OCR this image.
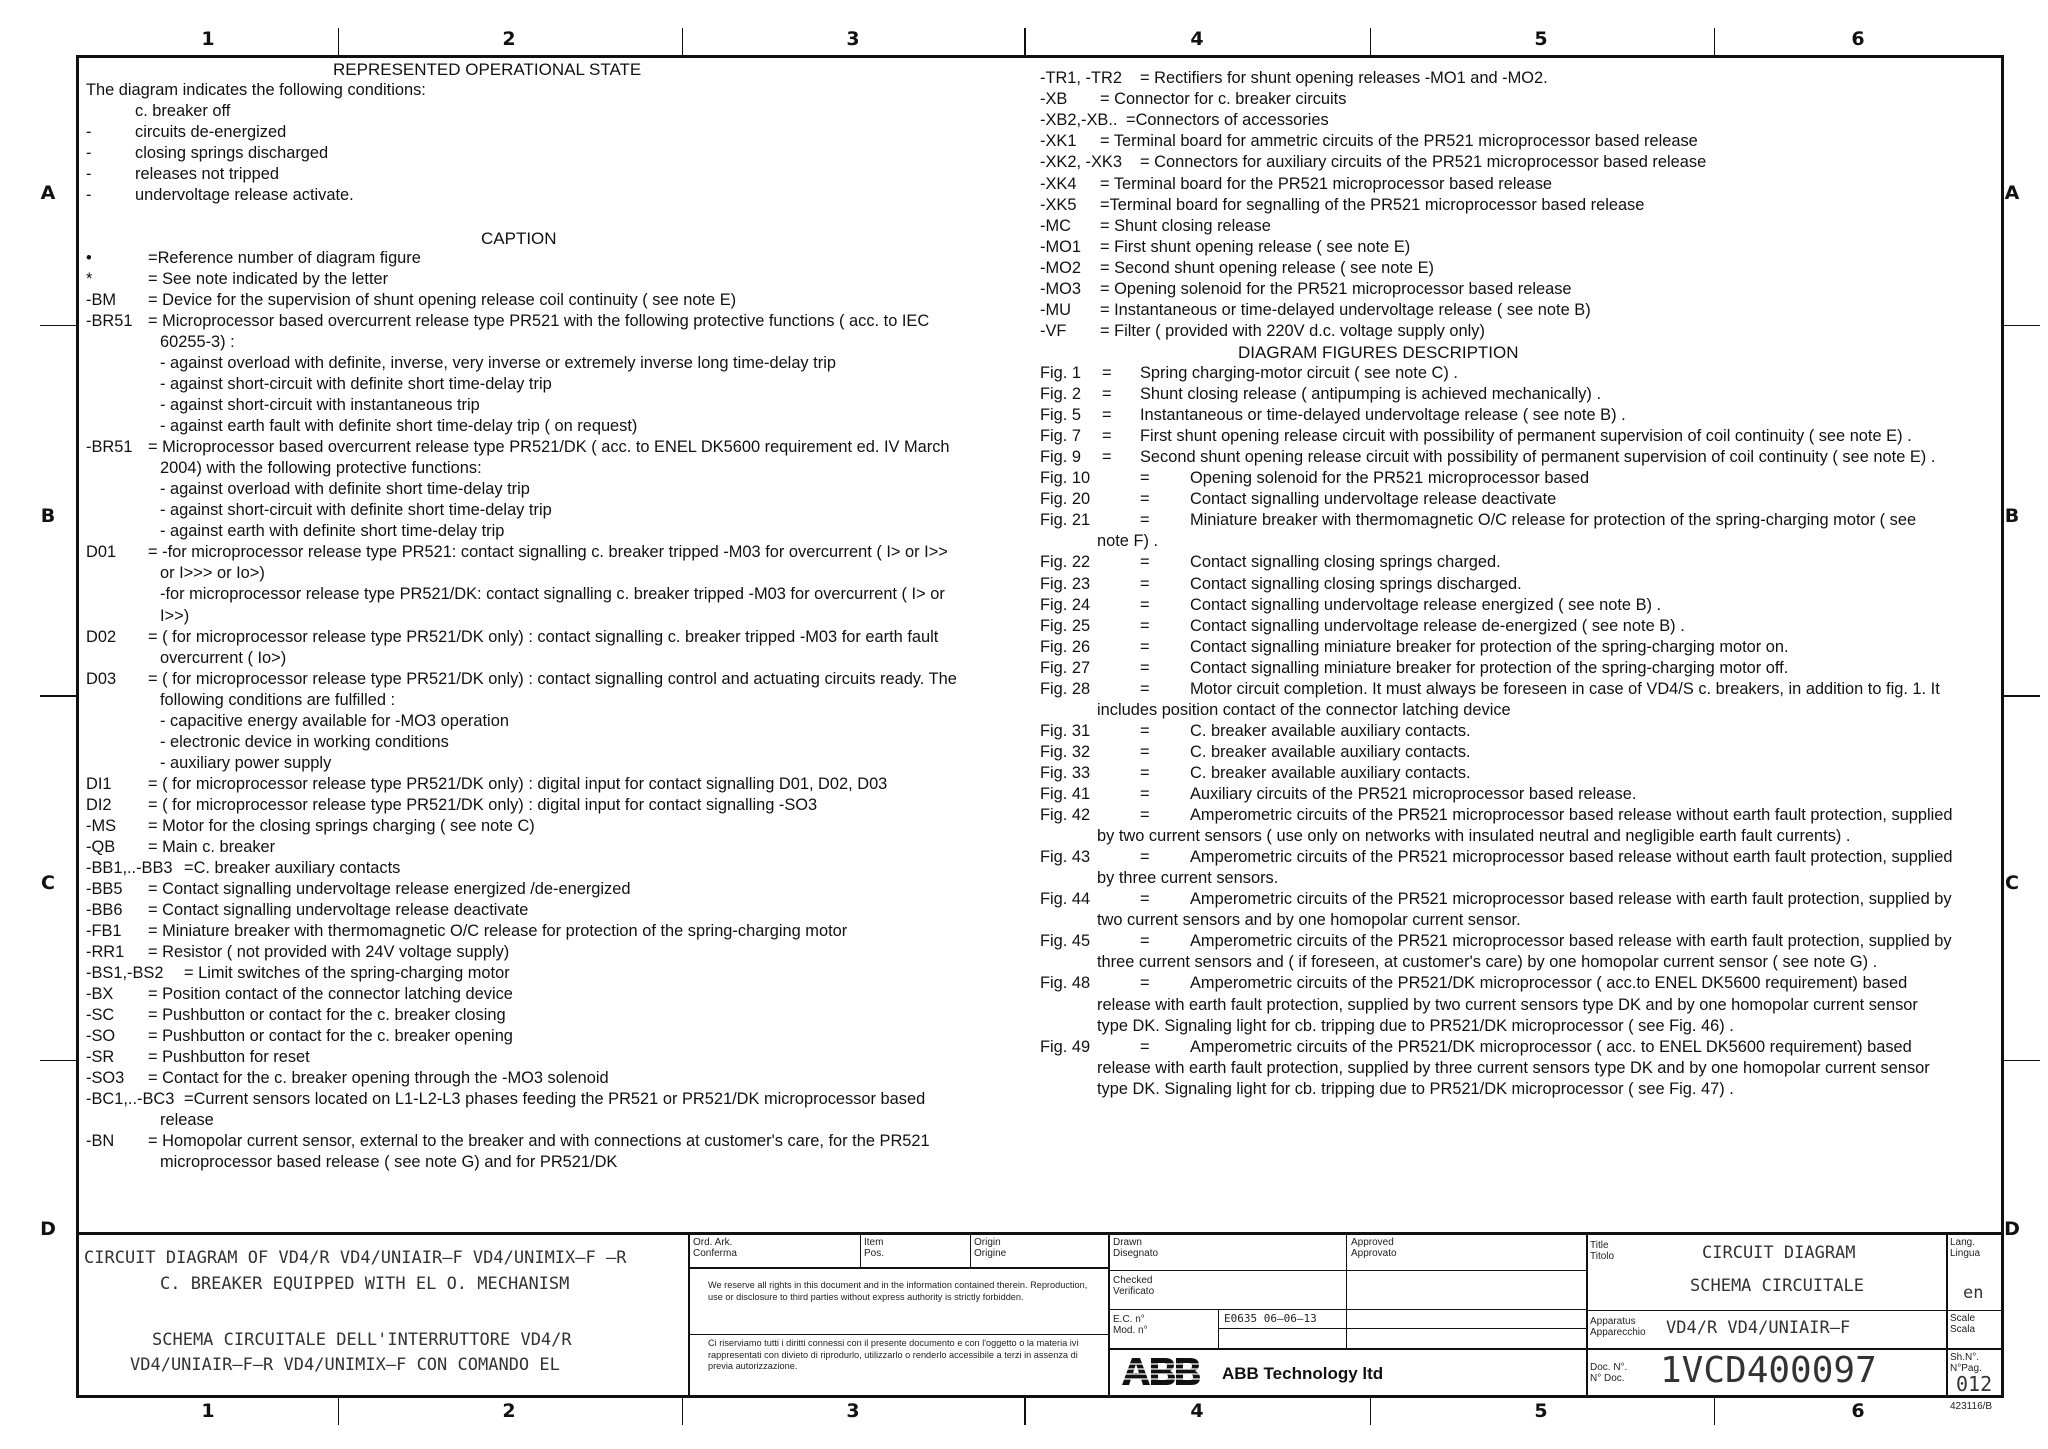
1	2	3	4	5	6
1	2	3	4	5	6
A
B
C
D
A
B
C
D
REPRESENTED OPERATIONAL STATE
The diagram indicates the following conditions:
c. breaker off
-	circuits de-energized
-	closing springs discharged
-	releases not tripped
-	undervoltage release activate.
CAPTION
•	=Reference number of diagram figure
*	= See note indicated by the letter
-BM = Device for the supervision of shunt opening release coil continuity ( see note E)
-BR51 = Microprocessor based overcurrent release type PR521 with the following protective functions ( acc. to IEC
60255-3) :
- against overload with definite, inverse, very inverse or extremely inverse long time-delay trip
- against short-circuit with definite short time-delay trip
- against short-circuit with instantaneous trip
- against earth fault with definite short time-delay trip ( on request)
-BR51 = Microprocessor based overcurrent release type PR521/DK ( acc. to ENEL DK5600 requirement ed. IV March
2004) with the following protective functions:
- against overload with definite short time-delay trip
- against short-circuit with definite short time-delay trip
- against earth with definite short time-delay trip
D01 = -for microprocessor release type PR521: contact signalling c. breaker tripped -M03 for overcurrent ( I> or I>>
or I>>> or Io>)
-for microprocessor release type PR521/DK: contact signalling c. breaker tripped -M03 for overcurrent ( I> or
I>>)
D02 = ( for microprocessor release type PR521/DK only) : contact signalling c. breaker tripped -M03 for earth fault
overcurrent ( Io>)
D03 = ( for microprocessor release type PR521/DK only) : contact signalling control and actuating circuits ready. The
following conditions are fulfilled :
- capacitive energy available for -MO3 operation
- electronic device in working conditions
- auxiliary power supply
DI1 = ( for microprocessor release type PR521/DK only) : digital input for contact signalling D01, D02, D03
DI2 = ( for microprocessor release type PR521/DK only) : digital input for contact signalling -SO3
-MS = Motor for the closing springs charging ( see note C)
-QB = Main c. breaker
-BB1,..-BB3 =C. breaker auxiliary contacts
-BB5 = Contact signalling undervoltage release energized /de-energized
-BB6 = Contact signalling undervoltage release deactivate
-FB1 = Miniature breaker with thermomagnetic O/C release for protection of the spring-charging motor
-RR1 = Resistor ( not provided with 24V voltage supply)
-BS1,-BS2 = Limit switches of the spring-charging motor
-BX = Position contact of the connector latching device
-SC = Pushbutton or contact for the c. breaker closing
-SO = Pushbutton or contact for the c. breaker opening
-SR = Pushbutton for reset
-SO3 = Contact for the c. breaker opening through the -MO3 solenoid
-BC1,..-BC3 =Current sensors located on L1-L2-L3 phases feeding the PR521 or PR521/DK microprocessor based
release
-BN = Homopolar current sensor, external to the breaker and with connections at customer's care, for the PR521
microprocessor based release ( see note G) and for PR521/DK
-TR1, -TR2 = Rectifiers for shunt opening releases -MO1 and -MO2.
-XB = Connector for c. breaker circuits
-XB2,-XB.. =Connectors of accessories
-XK1 = Terminal board for ammetric circuits of the PR521 microprocessor based release
-XK2, -XK3 = Connectors for auxiliary circuits of the PR521 microprocessor based release
-XK4 = Terminal board for the PR521 microprocessor based release
-XK5 =Terminal board for segnalling of the PR521 microprocessor based release
-MC = Shunt closing release
-MO1 = First shunt opening release ( see note E)
-MO2 = Second shunt opening release ( see note E)
-MO3 = Opening solenoid for the PR521 microprocessor based release
-MU = Instantaneous or time-delayed undervoltage release ( see note B)
-VF = Filter ( provided with 220V d.c. voltage supply only)
DIAGRAM FIGURES DESCRIPTION
Fig. 1 = Spring charging-motor circuit ( see note C) .
Fig. 2 = Shunt closing release ( antipumping is achieved mechanically) .
Fig. 5 = Instantaneous or time-delayed undervoltage release ( see note B) .
Fig. 7 = First shunt opening release circuit with possibility of permanent supervision of coil continuity ( see note E) .
Fig. 9 = Second shunt opening release circuit with possibility of permanent supervision of coil continuity ( see note E) .
Fig. 10	= Opening solenoid for the PR521 microprocessor based
Fig. 20	= Contact signalling undervoltage release deactivate
Fig. 21	= Miniature breaker with thermomagnetic O/C release for protection of the spring-charging motor ( see
note F) .
Fig. 22	= Contact signalling closing springs charged.
Fig. 23	= Contact signalling closing springs discharged.
Fig. 24	= Contact signalling undervoltage release energized ( see note B) .
Fig. 25	= Contact signalling undervoltage release de-energized ( see note B) .
Fig. 26	= Contact signalling miniature breaker for protection of the spring-charging motor on.
Fig. 27	= Contact signalling miniature breaker for protection of the spring-charging motor off.
Fig. 28	= Motor circuit completion. It must always be foreseen in case of VD4/S c. breakers, in addition to fig. 1. It
includes position contact of the connector latching device
Fig. 31	= C. breaker available auxiliary contacts.
Fig. 32	= C. breaker available auxiliary contacts.
Fig. 33	= C. breaker available auxiliary contacts.
Fig. 41	= Auxiliary circuits of the PR521 microprocessor based release.
Fig. 42	= Amperometric circuits of the PR521 microprocessor based release without earth fault protection, supplied
by two current sensors ( use only on networks with insulated neutral and negligible earth fault currents) .
Fig. 43	= Amperometric circuits of the PR521 microprocessor based release without earth fault protection, supplied
by three current sensors.
Fig. 44	= Amperometric circuits of the PR521 microprocessor based release with earth fault protection, supplied by
two current sensors and by one homopolar current sensor.
Fig. 45	= Amperometric circuits of the PR521 microprocessor based release with earth fault protection, supplied by
three current sensors and ( if foreseen, at customer's care) by one homopolar current sensor ( see note G) .
Fig. 48	= Amperometric circuits of the PR521/DK microprocessor ( acc.to ENEL DK5600 requirement) based
release with earth fault protection, supplied by two current sensors type DK and by one homopolar current sensor
type DK. Signaling light for cb. tripping due to PR521/DK microprocessor ( see Fig. 46) .
Fig. 49	= Amperometric circuits of the PR521/DK microprocessor ( acc. to ENEL DK5600 requirement) based
release with earth fault protection, supplied by three current sensors type DK and by one homopolar current sensor
type DK. Signaling light for cb. tripping due to PR521/DK microprocessor ( see Fig. 47) .
CIRCUIT DIAGRAM OF VD4/R VD4/UNIAIR–F VD4/UNIMIX–F –R
C. BREAKER EQUIPPED WITH EL O. MECHANISM
SCHEMA CIRCUITALE DELL'INTERRUTTORE VD4/R
VD4/UNIAIR–F–R VD4/UNIMIX–F CON COMANDO EL
Ord. Ark.
Conferma
Item
Pos.
Origin
Origine
We reserve all rights in this document and in the information contained therein. Reproduction, use or disclosure to third parties without express authority is strictly forbidden.
Ci riserviamo tutti i diritti connessi con il presente documento e con l'oggetto o la materia ivi rappresentati con divieto di riprodurlo, utilizzarlo o renderlo accessibile a terzi in assenza di previa autorizzazione.
Drawn
Disegnato
Approved
Approvato
Checked
Verificato
E.C. n°
Mod. n°
E0635 06–06–13
ABB Technology ltd
Title
Titolo	CIRCUIT DIAGRAM
SCHEMA CIRCUITALE
Lang.
Lingua
en
Apparatus
Apparecchio VD4/R VD4/UNIAIR–F	Scale
Scala
Doc. N°.
N° Doc. 1VCD400097	Sh.N°.
N°Pag.
012
423116/B
